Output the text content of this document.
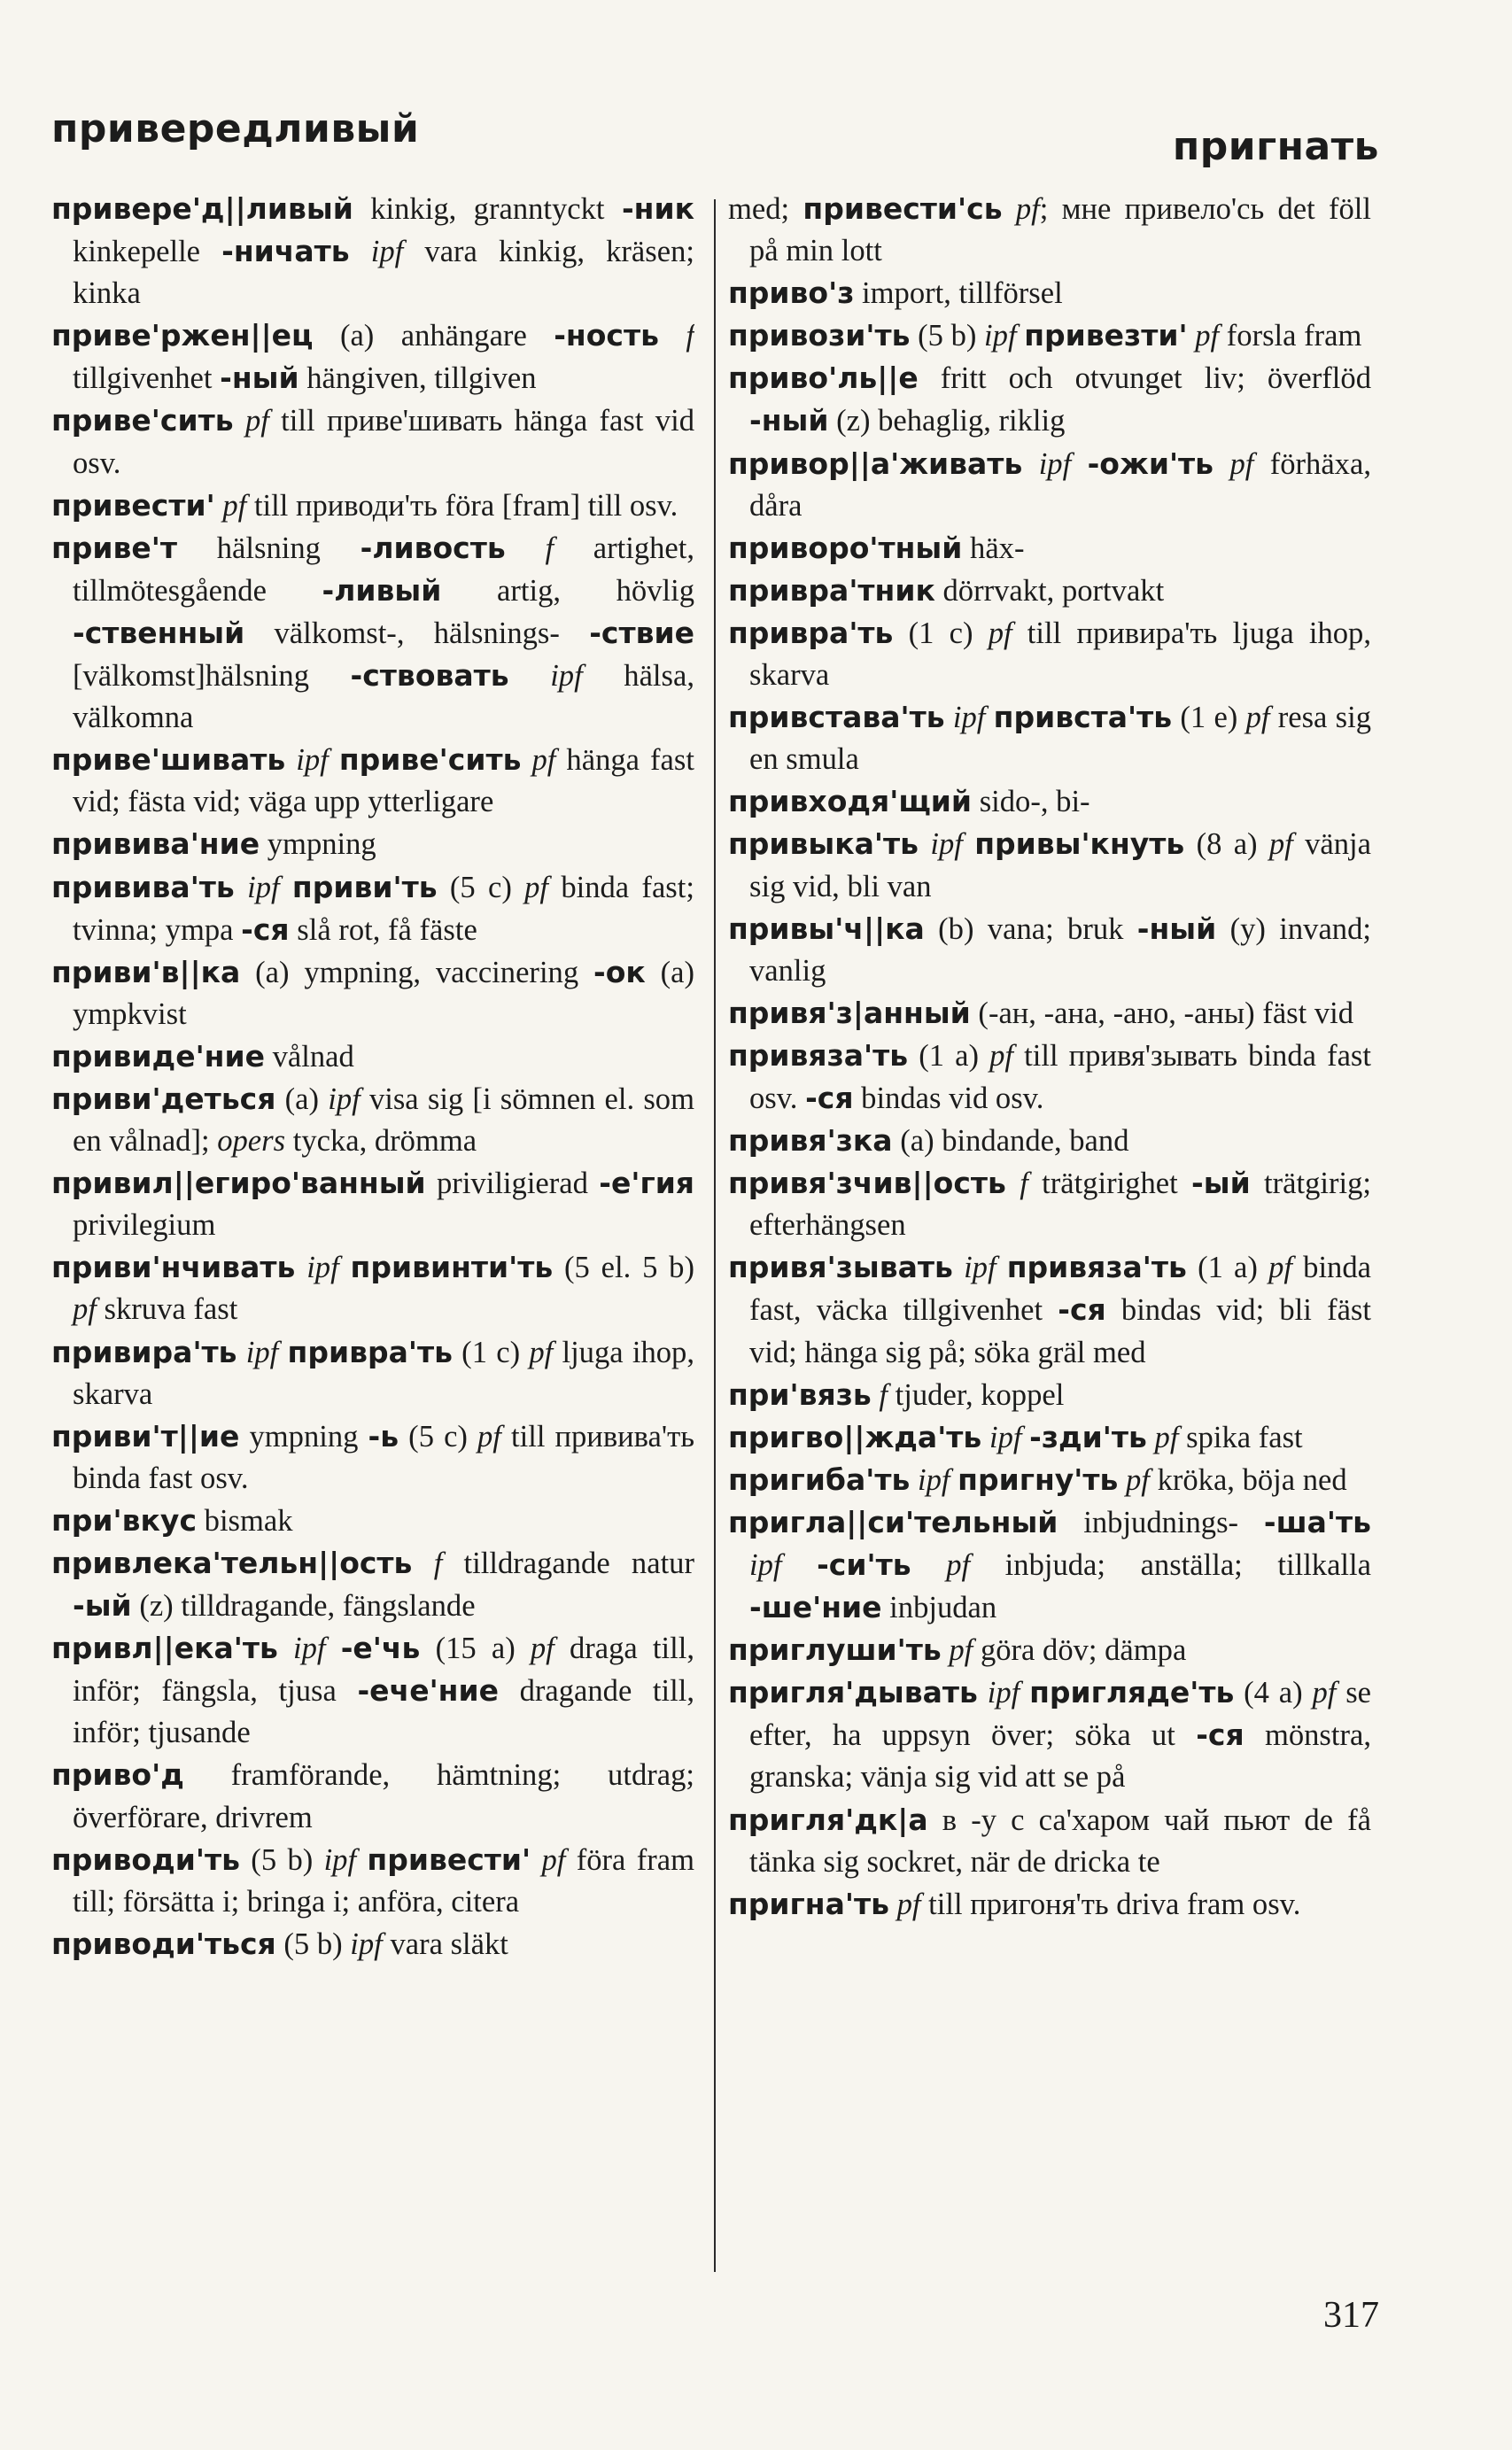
привередливый	пригнать

приверe'д||ливый kinkig, granntyckt -ник kinkepelle -ничать ipf vara kinkig, kräsen; kinka

приве'ржен||ец (a) anhängare -ность f tillgivenhet -ный hängiven, tillgiven

приве'сить pf till приве'шивать hänga fast vid osv.

привести' pf till приводи'ть föra [fram] till osv.

приве'т hälsning -ливость f artighet, tillmötesgående -ливый artig, hövlig -ственный välkomst-, hälsnings- -ствие [välkomst]hälsning -ствовать ipf hälsa, välkomna

приве'шивать ipf приве'сить pf hänga fast vid; fästa vid; väga upp ytterligare

привива'ние ympning

привива'ть ipf приви'ть (5 c) pf binda fast; tvinna; ympa -ся slå rot, få fäste

приви'в||ка (a) ympning, vaccinering -ок (a) ympkvist

привиде'ние vålnad

приви'деться (a) ipf visa sig [i sömnen el. som en vålnad]; opers tycka, drömma

привил||егиро'ванный priviligierad -е'гия privilegium

приви'нчивать ipf привинти'ть (5 el. 5 b) pf skruva fast

привира'ть ipf привра'ть (1 c) pf ljuga ihop, skarva

приви'т||ие ympning -ь (5 c) pf till привива'ть binda fast osv.

при'вкус bismak

привлека'тельн||ость f tilldragande natur -ый (z) tilldragande, fängslande

привл||ека'ть ipf -е'чь (15 a) pf draga till, inför; fängsla, tjusa -ече'ние dragande till, inför; tjusande

приво'д framförande, hämtning; utdrag; överförare, drivrem

приводи'ть (5 b) ipf привести' pf föra fram till; försätta i; bringa i; anföra, citera

приводи'ться (5 b) ipf vara släkt

med; привести'сь pf; мне привело'сь det föll på min lott

приво'з import, tillförsel

привози'ть (5 b) ipf привезти' pf forsla fram

приво'ль||е fritt och otvunget liv; överflöd -ный (z) behaglig, riklig

привор||а'живать ipf -ожи'ть pf förhäxa, dåra

приворо'тный häx-

привра'тник dörrvakt, portvakt

привра'ть (1 c) pf till привира'ть ljuga ihop, skarva

привстава'ть ipf привста'ть (1 e) pf resa sig en smula

привходя'щий sido-, bi-

привыка'ть ipf привы'кнуть (8 a) pf vänja sig vid, bli van

привы'ч||ка (b) vana; bruk -ный (y) invand; vanlig

привя'з|анный (-ан, -ана, -ано, -аны) fäst vid

привяза'ть (1 a) pf till привя'зывать binda fast osv. -ся bindas vid osv.

привя'зка (a) bindande, band

привя'зчив||ость f trätgirighet -ый trätgirig; efterhängsen

привя'зывать ipf привяза'ть (1 a) pf binda fast, väcka tillgivenhet -ся bindas vid; bli fäst vid; hänga sig på; söka gräl med

при'вязь f tjuder, koppel

пригво||жда'ть ipf -зди'ть pf spika fast

пригиба'ть ipf пригну'ть pf kröka, böja ned

пригла||си'тельный inbjudnings- -ша'ть ipf -си'ть pf inbjuda; anställa; tillkalla -ше'ние inbjudan

приглуши'ть pf göra döv; dämpa

пригля'дывать ipf пригляде'ть (4 a) pf se efter, ha uppsyn över; söka ut -ся mönstra, granska; vänja sig vid att se på

пригля'дк|а в -у с са'харом чай пьют de få tänka sig sockret, när de dricka te

пригна'ть pf till пригоня'ть driva fram osv.

317
